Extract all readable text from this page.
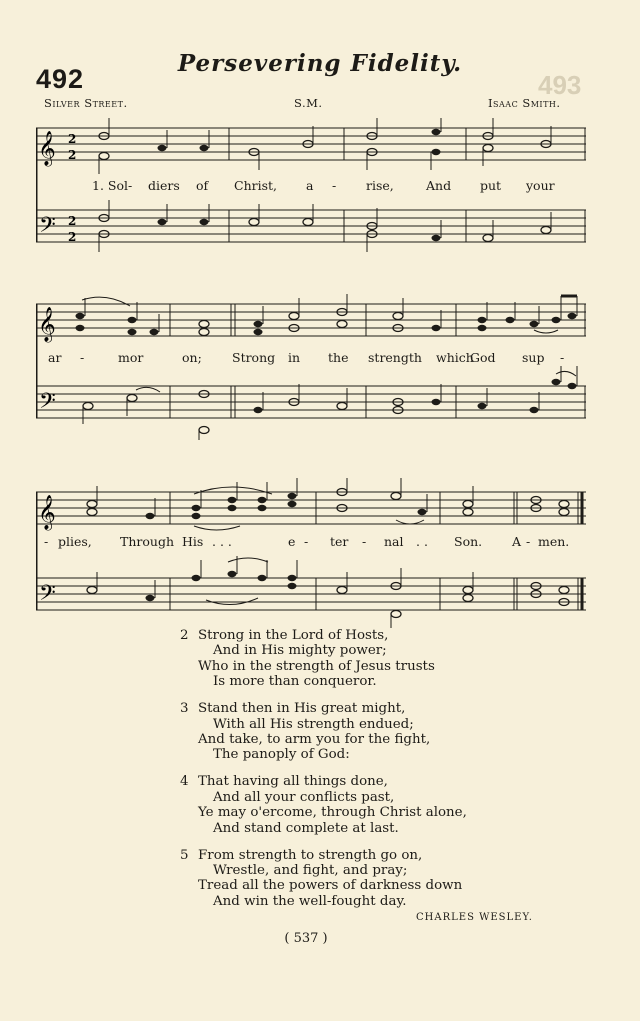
493
492
Persevering Fidelity.
Silver Street.	S.M.	Isaac Smith.
𝄞
𝄢
2
2
2
2
1. Sol- diers of Christ, a - rise,	And put your
𝄞
𝄢
ar -	mor	on; Strong in the strength which
God sup -
𝄞
𝄢
- plies, Through His . . .	e - ter - nal . . Son. A - men.
2 Strong in the Lord of Hosts,
And in His mighty power;
Who in the strength of Jesus trusts
Is more than conqueror.
3 Stand then in His great might,
With all His strength endued;
And take, to arm you for the fight,
The panoply of God:
4 That having all things done,
And all your conflicts past,
Ye may o'ercome, through Christ alone,
And stand complete at last.
5 From strength to strength go on,
Wrestle, and fight, and pray;
Tread all the powers of darkness down
And win the well-fought day.
CHARLES WESLEY.
( 537 )
